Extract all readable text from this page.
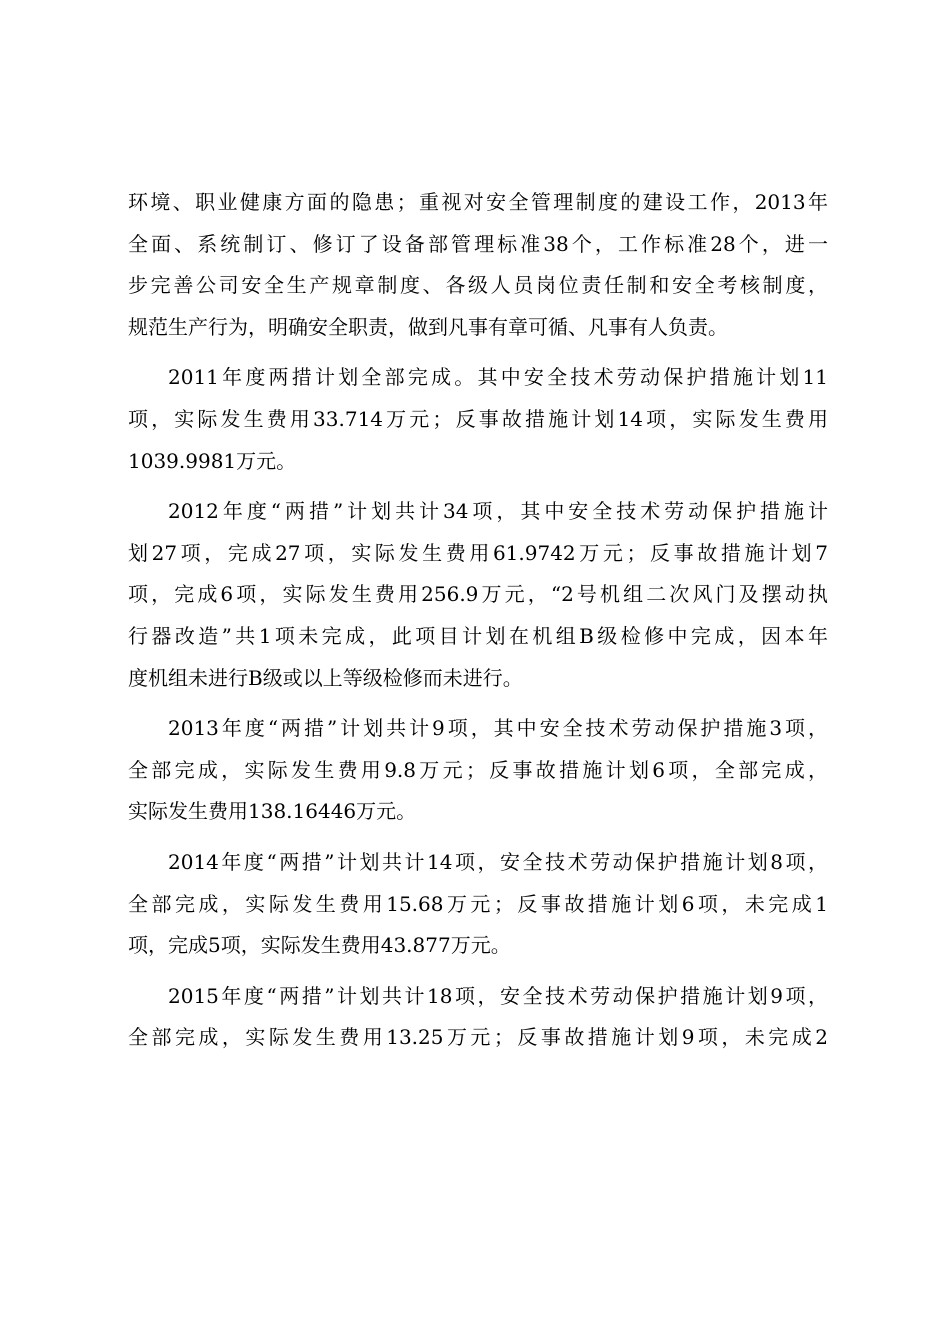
环境、职业健康方面的隐患；重视对安全管理制度的建设工作，2013年
全面、系统制订、修订了设备部管理标准38个，工作标准28个，进一
步完善公司安全生产规章制度、各级人员岗位责任制和安全考核制度，
规范生产行为，明确安全职责，做到凡事有章可循、凡事有人负责。
2011年度两措计划全部完成。其中安全技术劳动保护措施计划11
项，实际发生费用33.714万元；反事故措施计划14项，实际发生费用
1039.9981万元。
2012年度“两措”计划共计34项，其中安全技术劳动保护措施计
划27项，完成27项，实际发生费用61.9742万元；反事故措施计划7
项，完成6项，实际发生费用256.9万元，“2号机组二次风门及摆动执
行器改造”共1项未完成，此项目计划在机组B级检修中完成，因本年
度机组未进行B级或以上等级检修而未进行。
2013年度“两措”计划共计9项，其中安全技术劳动保护措施3项，
全部完成，实际发生费用9.8万元；反事故措施计划6项，全部完成，
实际发生费用138.16446万元。
2014年度“两措”计划共计14项，安全技术劳动保护措施计划8项，
全部完成，实际发生费用15.68万元；反事故措施计划6项，未完成1
项，完成5项，实际发生费用43.877万元。
2015年度“两措”计划共计18项，安全技术劳动保护措施计划9项，
全部完成，实际发生费用13.25万元；反事故措施计划9项，未完成2
